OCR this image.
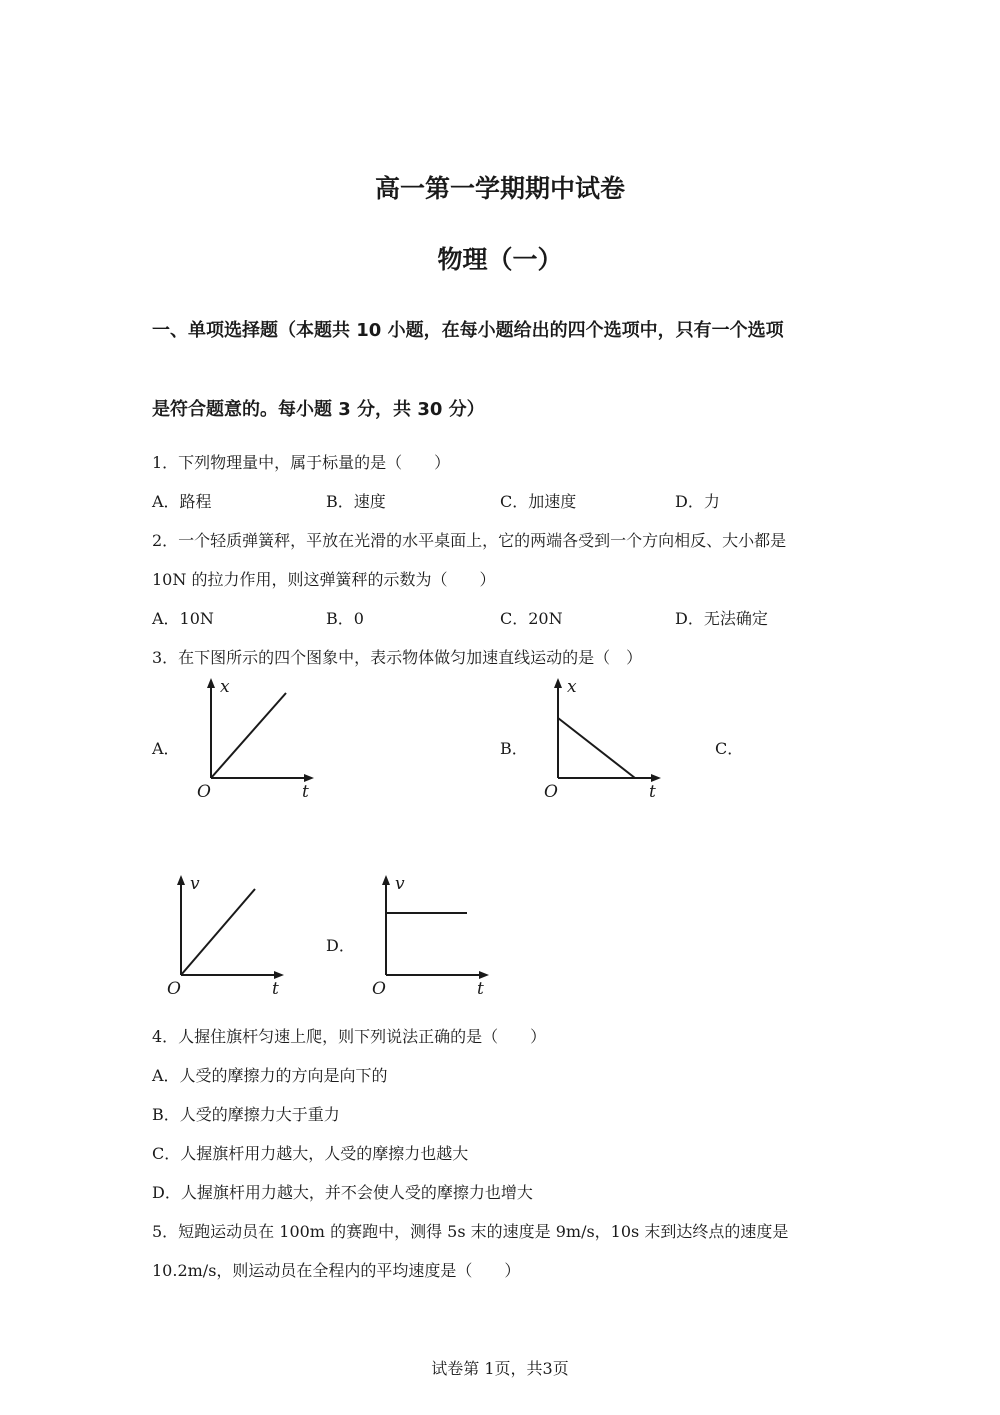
高一第一学期期中试卷
物理（一）
一、单项选择题（本题共 10 小题，在每小题给出的四个选项中，只有一个选项
是符合题意的。每小题 3 分，共 30 分）
1．下列物理量中，属于标量的是（　　）
A．路程	B．速度	C．加速度	D．力
2．一个轻质弹簧秤，平放在光滑的水平桌面上，它的两端各受到一个方向相反、大小都是
10N 的拉力作用，则这弹簧秤的示数为（　　）
A．10N	B．0	C．20N	D．无法确定
3．在下图所示的四个图象中，表示物体做匀加速直线运动的是（　）
A．	B．	C．
D．
x
O	t
x
O	t
v
O	t
v
O	t
4．人握住旗杆匀速上爬，则下列说法正确的是（　　）
A．人受的摩擦力的方向是向下的
B．人受的摩擦力大于重力
C．人握旗杆用力越大，人受的摩擦力也越大
D．人握旗杆用力越大，并不会使人受的摩擦力也增大
5．短跑运动员在 100m 的赛跑中，测得 5s 末的速度是 9m/s，10s 末到达终点的速度是
10.2m/s，则运动员在全程内的平均速度是（　　）
试卷第 1页，共3页
